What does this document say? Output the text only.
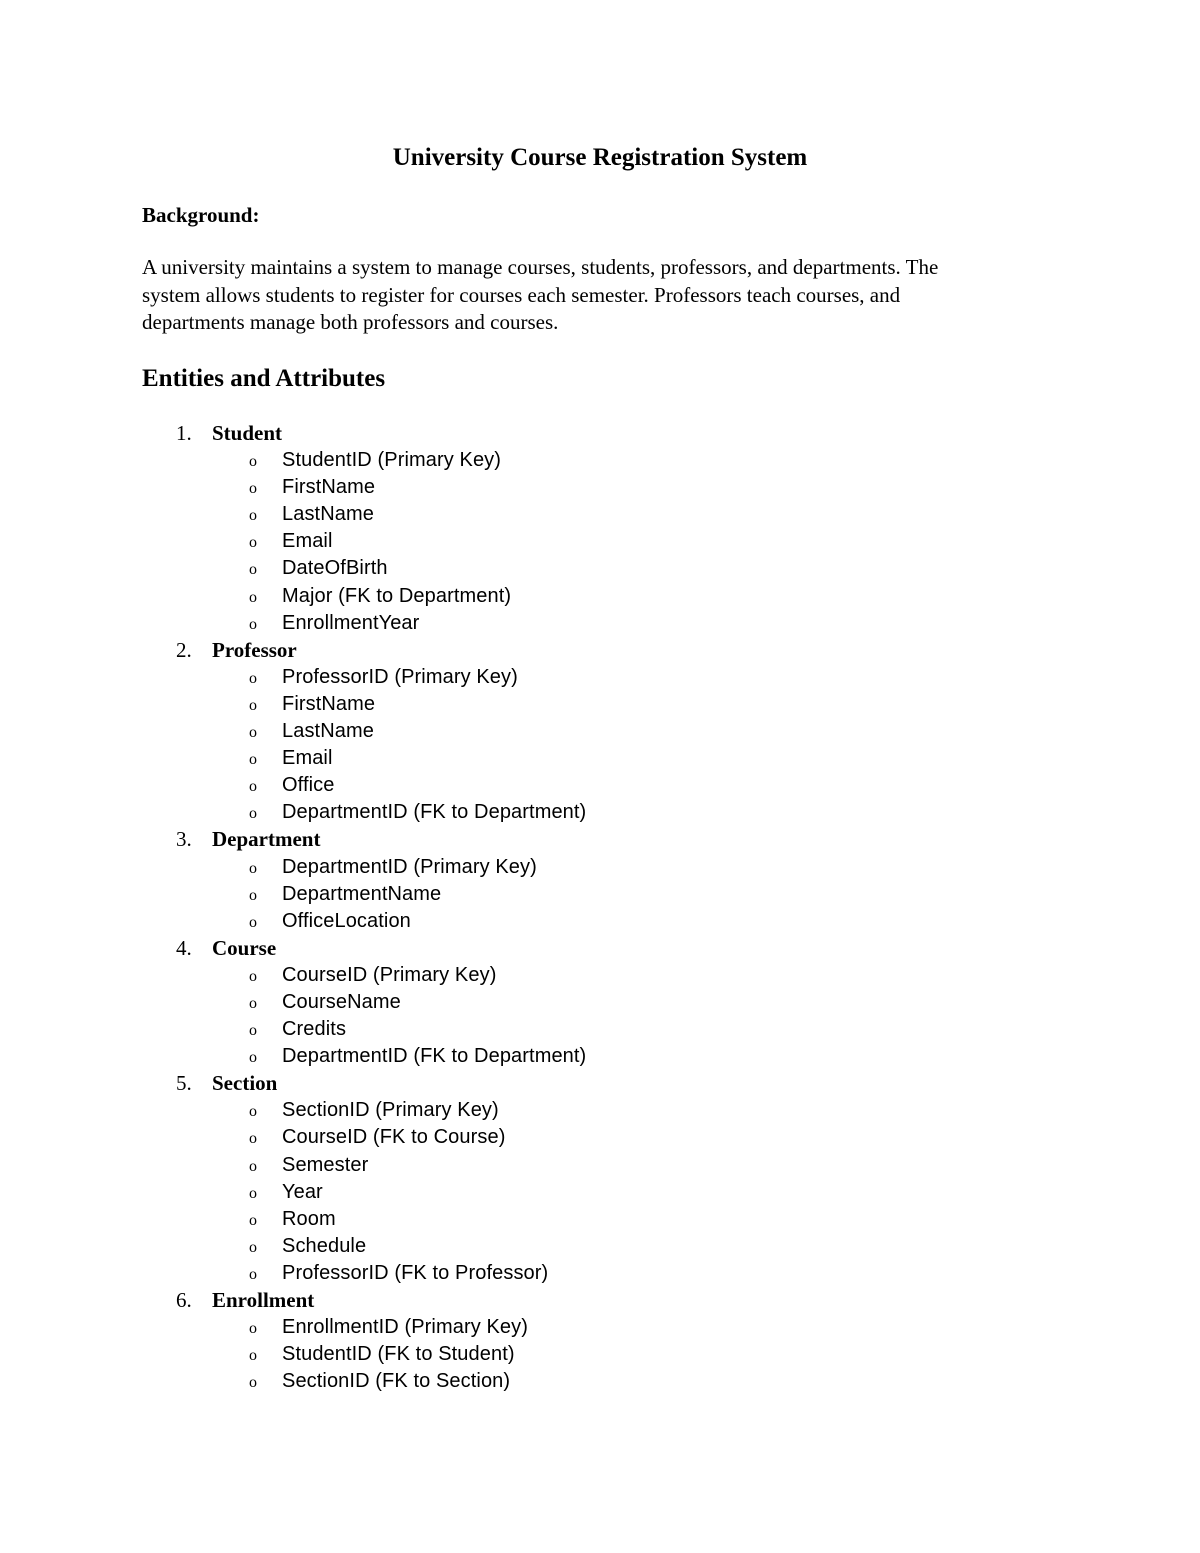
University Course Registration System
Background:

A university maintains a system to manage courses, students, professors, and departments. The
system allows students to register for courses each semester. Professors teach courses, and
departments manage both professors and courses.

Entities and Attributes
1. Student
o StudentID (Primary Key)
o FirstName
o LastName
o Email
o DateOfBirth
o Major (FK to Department)
o EnrollmentYear
2. Professor
o ProfessorID (Primary Key)
o FirstName
o LastName
o Email
o Office
o DepartmentID (FK to Department)
3. Department
o DepartmentID (Primary Key)
o DepartmentName
o OfficeLocation
4. Course
o CourseID (Primary Key)
o CourseName
o Credits
o DepartmentID (FK to Department)
5. Section
o SectionID (Primary Key)
o CourseID (FK to Course)
o Semester
o Year
o Room
o Schedule
o ProfessorID (FK to Professor)
6. Enrollment
o EnrollmentID (Primary Key)
o StudentID (FK to Student)
o SectionID (FK to Section)
